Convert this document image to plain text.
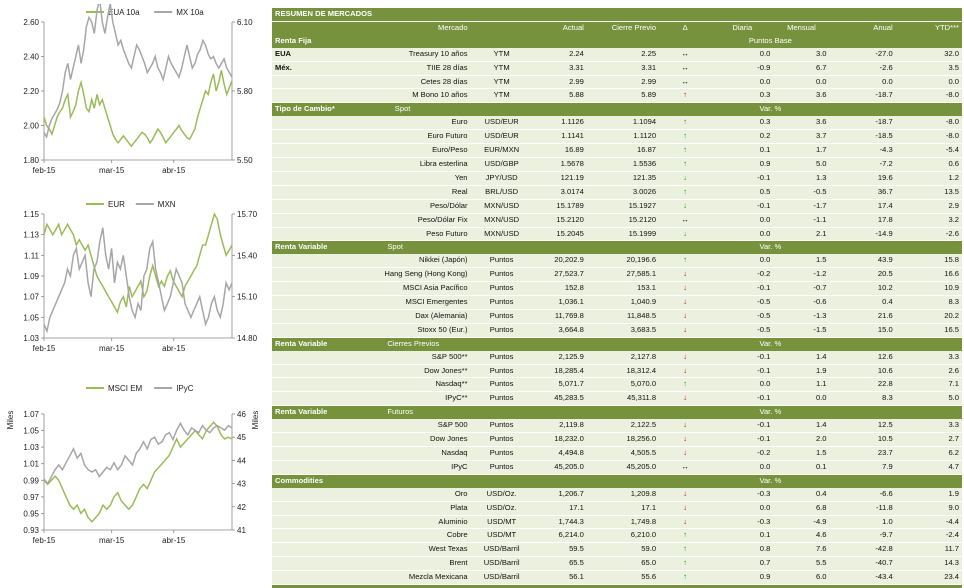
EUA 10a	MX 10a
1.80
2.00
2.20
2.40
2.60
5.50
5.80
6.10
feb-15	mar-15	abr-15
EUR	MXN
1.03
1.05
1.07
1.09
1.11
1.13
1.15
14.80
15.10
15.40
15.70
feb-15	mar-15	abr-15
MSCI EM	IPyC
Miles	Miles
0.93
0.95
0.97
0.99
1.01
1.03
1.05
1.07
41
42
43
44
45
46
feb-15	mar-15	abr-15
RESUMEN DE MERCADOS									
	Mercado		Actual	Cierre Previo	Δ	Diaria	Mensual	Anual	YTD***
Renta Fija						Puntos Base			
EUA	Treasury 10 años	YTM	2.24	2.25	↔	0.0	3.0	-27.0	32.0
Méx.	TIIE 28 días	YTM	3.31	3.31	↔	-0.9	6.7	-2.6	3.5
	Cetes 28 días	YTM	2.99	2.99	↔	0.0	0.0	0.0	0.0
	M Bono 10 años	YTM	5.88	5.89	↑	0.3	3.6	-18.7	-8.0
Tipo de Cambio* Spot						Var. %			
	Euro	USD/EUR	1.1126	1.1094	↑	0.3	3.6	-18.7	-8.0
	Euro Futuro	USD/EUR	1.1141	1.1120	↑	0.2	3.7	-18.5	-8.0
	Euro/Peso	EUR/MXN	16.89	16.87	↑	0.1	1.7	-4.3	-5.4
	Libra esterlina	USD/GBP	1.5678	1.5536	↑	0.9	5.0	-7.2	0.6
	Yen	JPY/USD	121.19	121.35	↓	-0.1	1.3	19.6	1.2
	Real	BRL/USD	3.0174	3.0026	↑	0.5	-0.5	36.7	13.5
	Peso/Dólar	MXN/USD	15.1789	15.1927	↓	-0.1	-1.7	17.4	2.9
	Peso/Dólar Fix	MXN/USD	15.2120	15.2120	↔	0.0	-1.1	17.8	3.2
	Peso Futuro	MXN/USD	15.2045	15.1999	↓	0.0	2.1	-14.9	-2.6
Renta Variable Spot						Var. %			
	Nikkei (Japón)	Puntos	20,202.9	20,196.6	↑	0.0	1.5	43.9	15.8
	Hang Seng (Hong Kong)	Puntos	27,523.7	27,585.1	↓	-0.2	-1.2	20.5	16.6
	MSCI Asia Pacífico	Puntos	152.8	153.1	↓	-0.1	-0.7	10.2	10.9
	MSCI Emergentes	Puntos	1,036.1	1,040.9	↓	-0.5	-0.6	0.4	8.3
	Dax (Alemania)	Puntos	11,769.8	11,848.5	↓	-0.5	-1.3	21.6	20.2
	Stoxx 50 (Eur.)	Puntos	3,664.8	3,683.5	↓	-0.5	-1.5	15.0	16.5
Renta Variable Cierres Previos						Var. %			
	S&P 500**	Puntos	2,125.9	2,127.8	↓	-0.1	1.4	12.6	3.3
	Dow Jones**	Puntos	18,285.4	18,312.4	↓	-0.1	1.9	10.6	2.6
	Nasdaq**	Puntos	5,071.7	5,070.0	↑	0.0	1.1	22.8	7.1
	IPyC**	Puntos	45,283.5	45,311.8	↓	-0.1	0.0	8.3	5.0
Renta Variable Futuros						Var. %			
	S&P 500	Puntos	2,119.8	2,122.5	↓	-0.1	1.4	12.5	3.3
	Dow Jones	Puntos	18,232.0	18,256.0	↓	-0.1	2.0	10.5	2.7
	Nasdaq	Puntos	4,494.8	4,505.5	↓	-0.2	1.5	23.7	6.2
	IPyC	Puntos	45,205.0	45,205.0	↔	0.0	0.1	7.9	4.7
Commodities						Var. %			
	Oro	USD/Oz.	1,206.7	1,209.8	↓	-0.3	0.4	-6.6	1.9
	Plata	USD/Oz.	17.1	17.1	↓	0.0	6.8	-11.8	9.0
	Aluminio	USD/MT	1,744.3	1,749.8	↓	-0.3	-4.9	1.0	-4.4
	Cobre	USD/MT	6,214.0	6,210.0	↑	0.1	4.6	-9.7	-2.4
	West Texas	USD/Barril	59.5	59.0	↑	0.8	7.6	-42.8	11.7
	Brent	USD/Barril	65.5	65.0	↑	0.7	5.5	-40.7	14.3
	Mezcla Mexicana	USD/Barril	56.1	55.6	↑	0.9	6.0	-43.4	23.4
